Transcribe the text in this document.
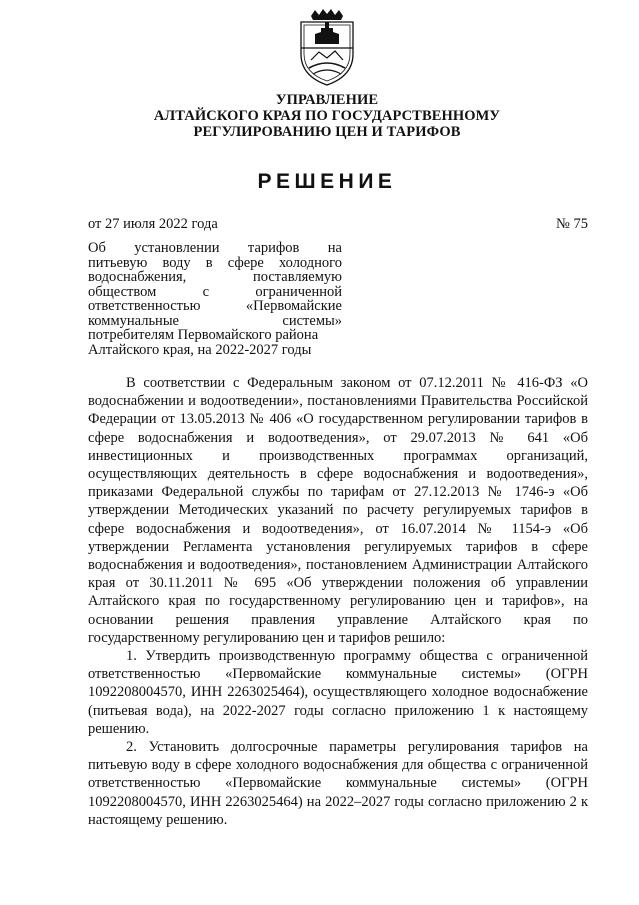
УПРАВЛЕНИЕ
АЛТАЙСКОГО КРАЯ ПО ГОСУДАРСТВЕННОМУ
РЕГУЛИРОВАНИЮ ЦЕН И ТАРИФОВ
РЕШЕНИЕ
от 27 июля 2022 года	№ 75
Об установлении тарифов на
питьевую воду в сфере холодного
водоснабжения, поставляемую
обществом с ограниченной
ответственностью «Первомайские
коммунальные системы»
потребителям Первомайского района
Алтайского края, на 2022-2027 годы

В соответствии с Федеральным законом от 07.12.2011 № 416-ФЗ «О водоснабжении и водоотведении», постановлениями Правительства Российской Федерации от 13.05.2013 № 406 «О государственном регулировании тарифов в сфере водоснабжения и водоотведения», от 29.07.2013 № 641 «Об инвестиционных и производственных программах организаций, осуществляющих деятельность в сфере водоснабжения и водоотведения», приказами Федеральной службы по тарифам от 27.12.2013 № 1746-э «Об утверждении Методических указаний по расчету регулируемых тарифов в сфере водоснабжения и водоотведения», от 16.07.2014 № 1154-э «Об утверждении Регламента установления регулируемых тарифов в сфере водоснабжения и водоотведения», постановлением Администрации Алтайского края от 30.11.2011 № 695 «Об утверждении положения об управлении Алтайского края по государственному регулированию цен и тарифов», на основании решения правления управление Алтайского края по государственному регулированию цен и тарифов решило:

1. Утвердить производственную программу общества с ограниченной ответственностью «Первомайские коммунальные системы» (ОГРН 1092208004570, ИНН 2263025464), осуществляющего холодное водоснабжение (питьевая вода), на 2022-2027 годы согласно приложению 1 к настоящему решению.

2. Установить долгосрочные параметры регулирования тарифов на питьевую воду в сфере холодного водоснабжения для общества с ограниченной ответственностью «Первомайские коммунальные системы» (ОГРН 1092208004570, ИНН 2263025464) на 2022–2027 годы согласно приложению 2 к настоящему решению.
